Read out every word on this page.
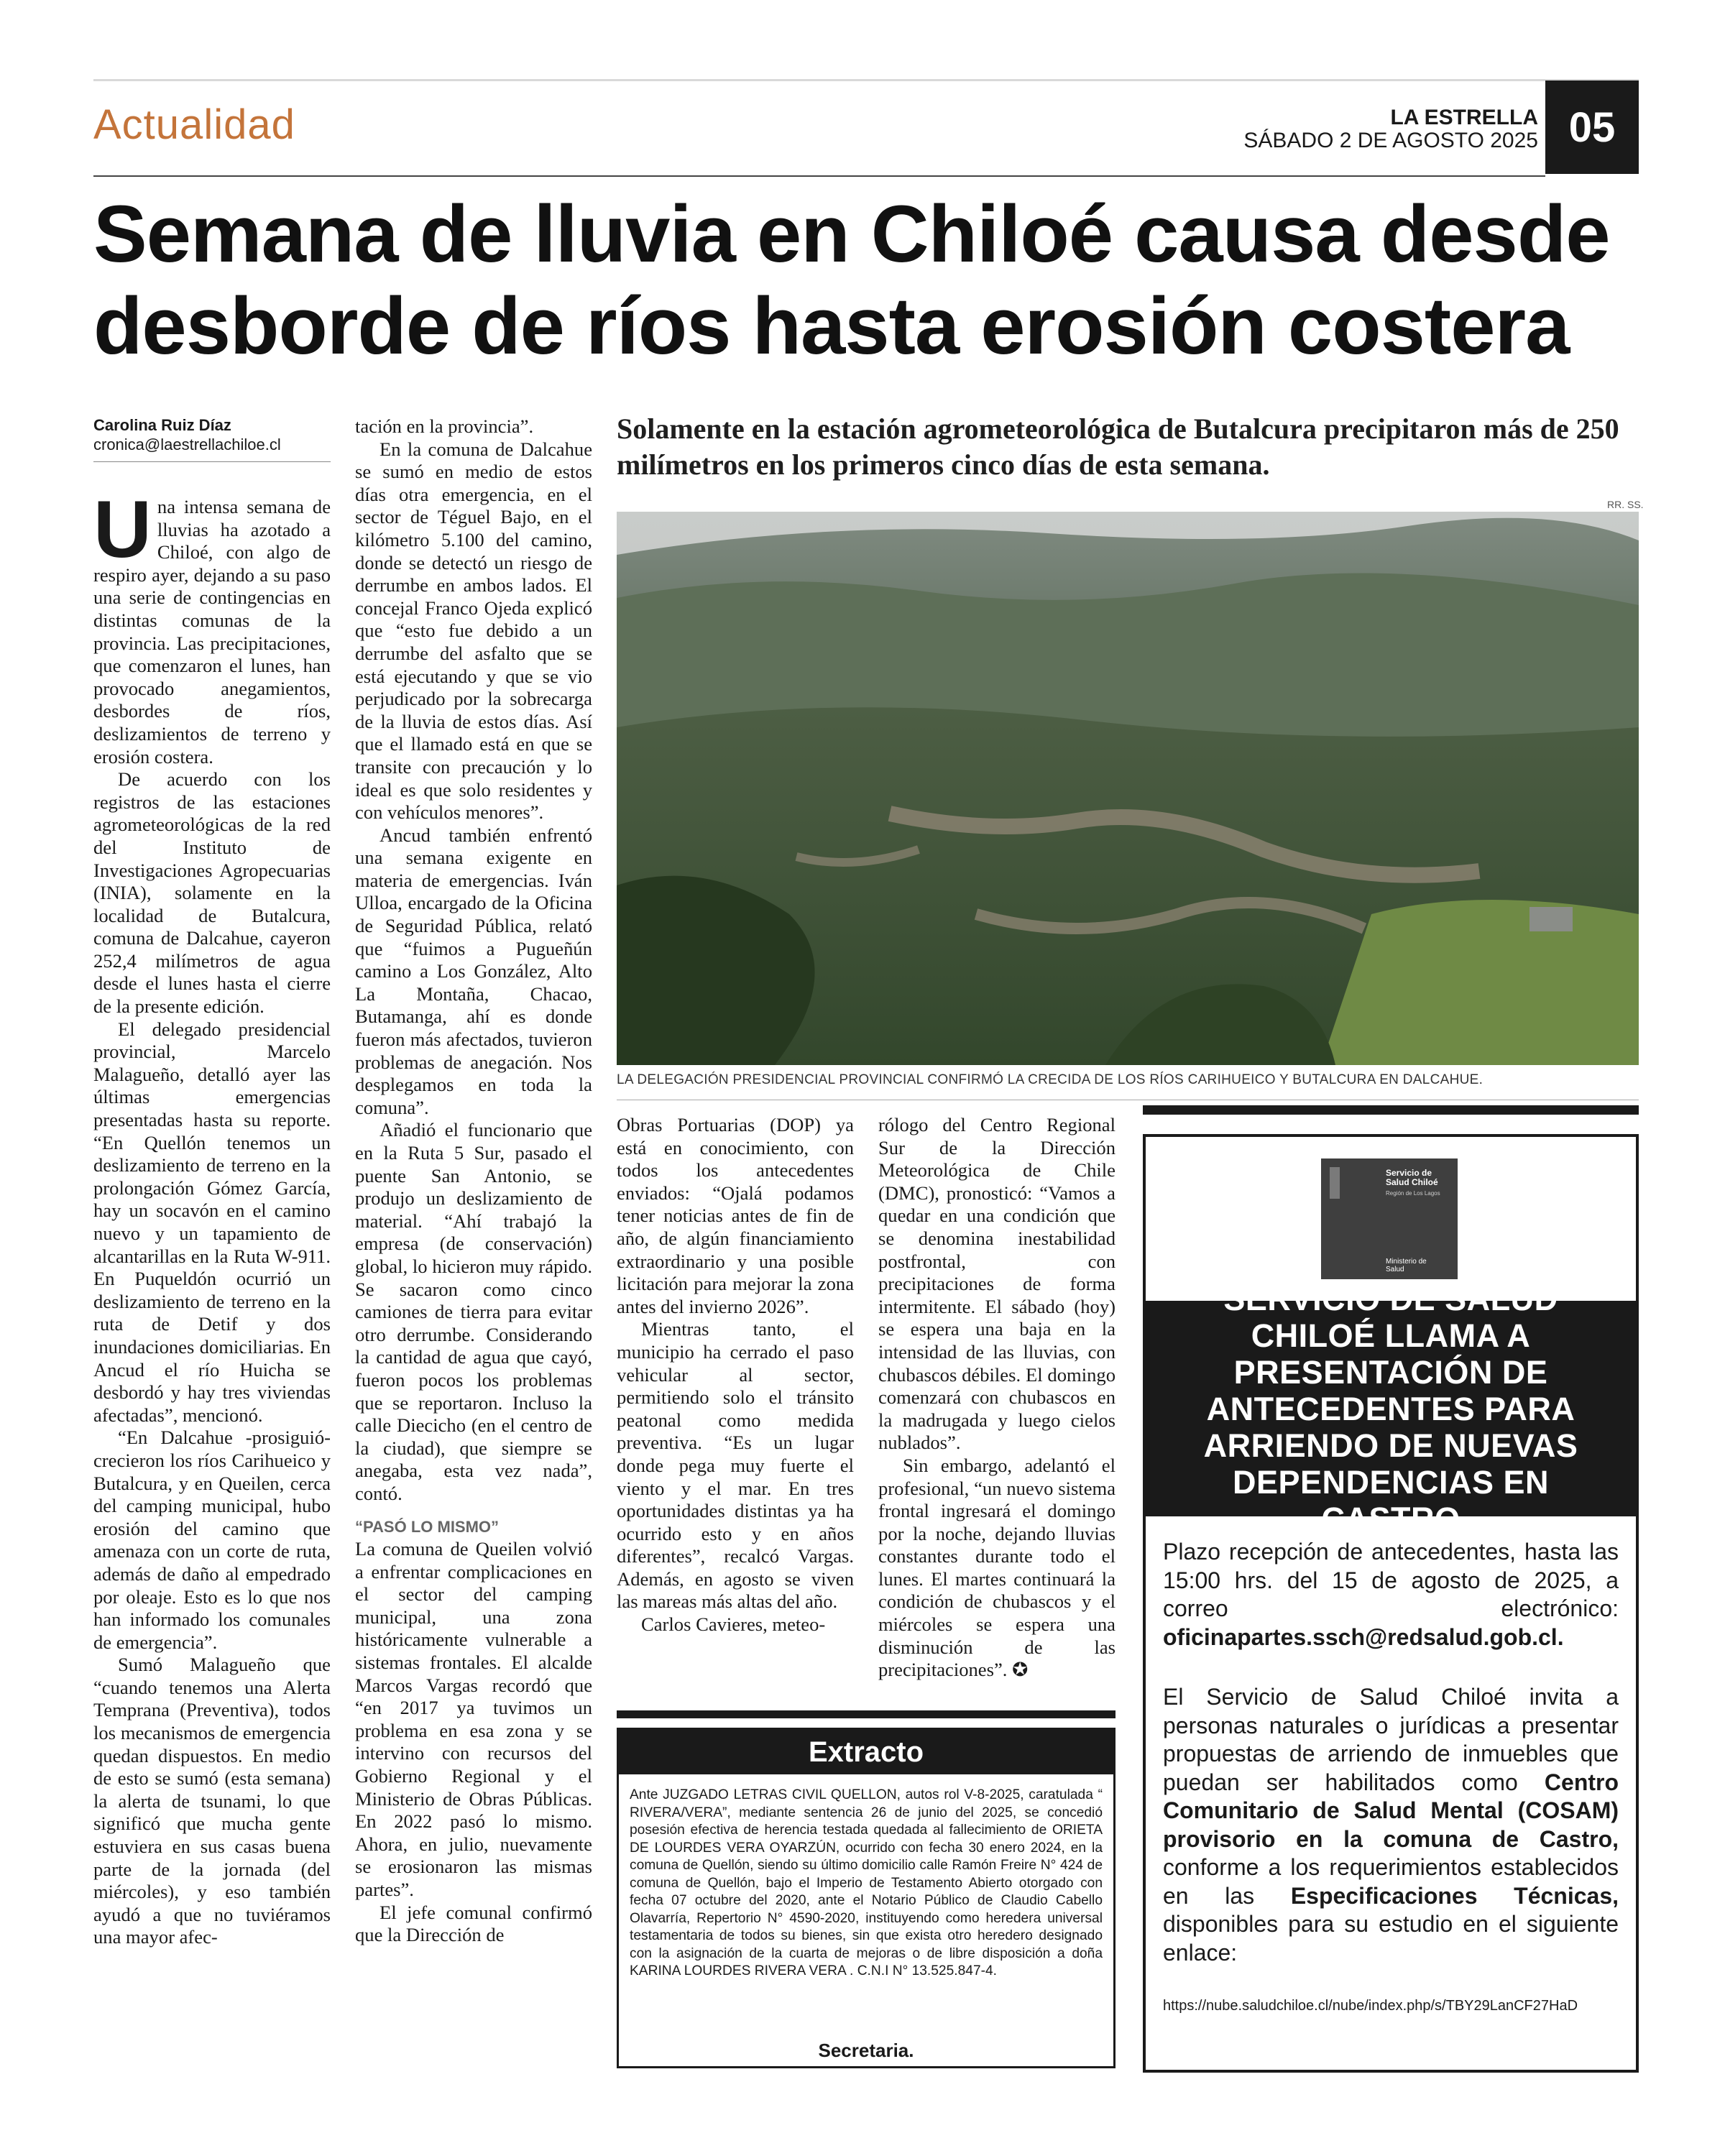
Actualidad	LA ESTRELLA
SÁBADO 2 DE AGOSTO 2025 05
Semana de lluvia en Chiloé causa desde
desborde de ríos hasta erosión costera
Carolina Ruiz Díaz
cronica@laestrellachiloe.cl

Una intensa semana de lluvias ha azotado a Chiloé, con algo de respiro ayer, dejando a su paso una serie de contingencias en distintas comunas de la provincia. Las precipitaciones, que comenzaron el lunes, han provocado anegamientos, desbordes de ríos, deslizamientos de terreno y erosión costera.

De acuerdo con los registros de las estaciones agrometeorológicas de la red del Instituto de Investigaciones Agropecuarias (INIA), solamente en la localidad de Butalcura, comuna de Dalcahue, cayeron 252,4 milímetros de agua desde el lunes hasta el cierre de la presente edición.

El delegado presidencial provincial, Marcelo Malagueño, detalló ayer las últimas emergencias presentadas hasta su reporte. “En Quellón tenemos un deslizamiento de terreno en la prolongación Gómez García, hay un socavón en el camino nuevo y un tapamiento de alcantarillas en la Ruta W-911. En Puqueldón ocurrió un deslizamiento de terreno en la ruta de Detif y dos inundaciones domiciliarias. En Ancud el río Huicha se desbordó y hay tres viviendas afectadas”, mencionó.

“En Dalcahue -prosiguió- crecieron los ríos Carihueico y Butalcura, y en Queilen, cerca del camping municipal, hubo erosión del camino que amenaza con un corte de ruta, además de daño al empedrado por oleaje. Esto es lo que nos han informado los comunales de emergencia”.

Sumó Malagueño que “cuando tenemos una Alerta Temprana (Preventiva), todos los mecanismos de emergencia quedan dispuestos. En medio de esto se sumó (esta semana) la alerta de tsunami, lo que significó que mucha gente estuviera en sus casas buena parte de la jornada (del miércoles), y eso también ayudó a que no tuviéramos una mayor afec-

tación en la provincia”.

En la comuna de Dalcahue se sumó en medio de estos días otra emergencia, en el sector de Téguel Bajo, en el kilómetro 5.100 del camino, donde se detectó un riesgo de derrumbe en ambos lados. El concejal Franco Ojeda explicó que “esto fue debido a un derrumbe del asfalto que se está ejecutando y que se vio perjudicado por la sobrecarga de la lluvia de estos días. Así que el llamado está en que se transite con precaución y lo ideal es que solo residentes y con vehículos menores”.

Ancud también enfrentó una semana exigente en materia de emergencias. Iván Ulloa, encargado de la Oficina de Seguridad Pública, relató que “fuimos a Pugueñún camino a Los González, Alto La Montaña, Chacao, Butamanga, ahí es donde fueron más afectados, tuvieron problemas de anegación. Nos desplegamos en toda la comuna”.

Añadió el funcionario que en la Ruta 5 Sur, pasado el puente San Antonio, se produjo un deslizamiento de material. “Ahí trabajó la empresa (de conservación) global, lo hicieron muy rápido. Se sacaron como cinco camiones de tierra para evitar otro derrumbe. Considerando la cantidad de agua que cayó, fueron pocos los problemas que se reportaron. Incluso la calle Diecicho (en el centro de la ciudad), que siempre se anegaba, esta vez nada”, contó.

“PASÓ LO MISMO”

La comuna de Queilen volvió a enfrentar complicaciones en el sector del camping municipal, una zona históricamente vulnerable a sistemas frontales. El alcalde Marcos Vargas recordó que “en 2017 ya tuvimos un problema en esa zona y se intervino con recursos del Gobierno Regional y el Ministerio de Obras Públicas. En 2022 pasó lo mismo. Ahora, en julio, nuevamente se erosionaron las mismas partes”.

El jefe comunal confirmó que la Dirección de

Solamente en la estación agrometeorológica de Butalcura precipitaron más de 250 milímetros en los primeros cinco días de esta semana.
RR. SS.
LA DELEGACIÓN PRESIDENCIAL PROVINCIAL CONFIRMÓ LA CRECIDA DE LOS RÍOS CARIHUEICO Y BUTALCURA EN DALCAHUE.

Obras Portuarias (DOP) ya está en conocimiento, con todos los antecedentes enviados: “Ojalá podamos tener noticias antes de fin de año, de algún financiamiento extraordinario y una posible licitación para mejorar la zona antes del invierno 2026”.

Mientras tanto, el municipio ha cerrado el paso vehicular al sector, permitiendo solo el tránsito peatonal como medida preventiva. “Es un lugar donde pega muy fuerte el viento y el mar. En tres oportunidades distintas ya ha ocurrido esto y en años diferentes”, recalcó Vargas. Además, en agosto se viven las mareas más altas del año.

Carlos Cavieres, meteo-

rólogo del Centro Regional Sur de la Dirección Meteorológica de Chile (DMC), pronosticó: “Vamos a quedar en una condición que se denomina inestabilidad postfrontal, con precipitaciones de forma intermitente. El sábado (hoy) se espera una baja en la intensidad de las lluvias, con chubascos débiles. El domingo comenzará con chubascos en la madrugada y luego cielos nublados”.

Sin embargo, adelantó el profesional, “un nuevo sistema frontal ingresará el domingo por la noche, dejando lluvias constantes durante todo el lunes. El martes continuará la condición de chubascos y el miércoles se espera una disminución de las precipitaciones”. ✪

Extracto
Ante JUZGADO LETRAS CIVIL QUELLON, autos rol V-8-2025, caratulada “ RIVERA/VERA”, mediante sentencia 26 de junio del 2025, se concedió posesión efectiva de herencia testada quedada al fallecimiento de ORIETA DE LOURDES VERA OYARZÚN, ocurrido con fecha 30 enero 2024, en la comuna de Quellón, siendo su último domicilio calle Ramón Freire N° 424 de comuna de Quellón, bajo el Imperio de Testamento Abierto otorgado con fecha 07 octubre del 2020, ante el Notario Público de Claudio Cabello Olavarría, Repertorio N° 4590-2020, instituyendo como heredera universal testamentaria de todos su bienes, sin que exista otro heredero designado con la asignación de la cuarta de mejoras o de libre disposición a doña KARINA LOURDES RIVERA VERA . C.N.I N° 13.525.847-4.
Secretaria.
Servicio de
Salud Chiloé
Región de Los Lagos
Ministerio de
Salud
SERVICIO DE SALUD CHILOÉ LLAMA A PRESENTACIÓN DE ANTECEDENTES PARA ARRIENDO DE NUEVAS DEPENDENCIAS EN CASTRO
Plazo recepción de antecedentes, hasta las 15:00 hrs. del 15 de agosto de 2025, a correo electrónico: oficinapartes.ssch@redsalud.gob.cl.
El Servicio de Salud Chiloé invita a personas naturales o jurídicas a presentar propuestas de arriendo de inmuebles que puedan ser habilitados como Centro Comunitario de Salud Mental (COSAM) provisorio en la comuna de Castro, conforme a los requerimientos establecidos en las Especificaciones Técnicas, disponibles para su estudio en el siguiente enlace:
https://nube.saludchiloe.cl/nube/index.php/s/TBY29LanCF27HaD
